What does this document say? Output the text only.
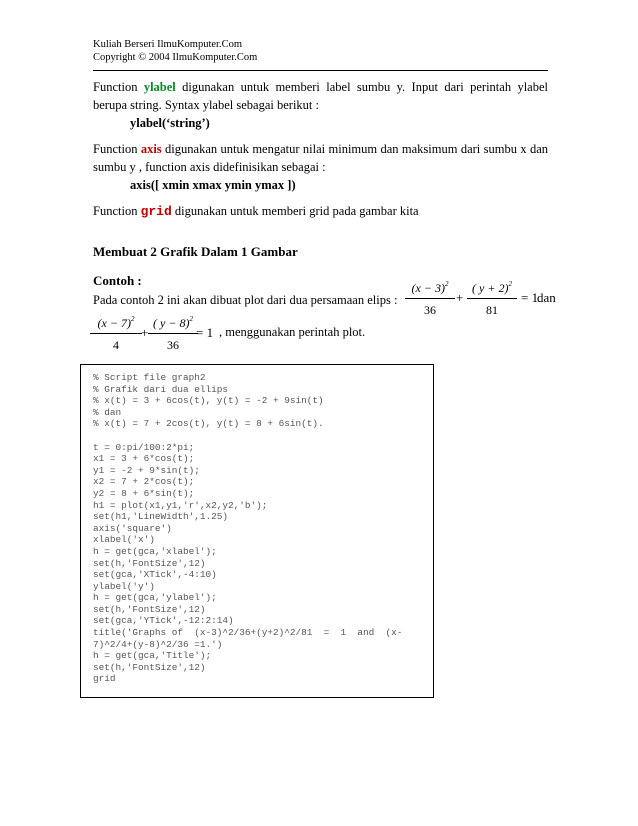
Kuliah Berseri IlmuKomputer.Com
Copyright © 2004 IlmuKomputer.Com
Function ylabel digunakan untuk memberi label sumbu y. Input dari perintah ylabel berupa string. Syntax ylabel sebagai berikut :
ylabel(‘string’)
Function axis digunakan untuk mengatur nilai minimum dan maksimum dari sumbu x dan sumbu y , function axis didefinisikan sebagai :
axis([ xmin xmax ymin ymax ])
Function grid digunakan untuk memberi grid pada gambar kita
Membuat 2 Grafik Dalam 1 Gambar
Contoh :
Pada contoh 2 ini akan dibuat plot dari dua persamaan elips : $\frac{(x - 3)^2}{36} + \frac{( y + 2)^2}{81} = 1$
dan
$\frac{(x - 7)^2}{4} + \frac{( y - 8)^2}{36}$
= 1 , menggunakan perintah plot.
% Script file graph2
% Grafik dari dua ellips
% x(t) = 3 + 6cos(t), y(t) = -2 + 9sin(t)
% dan
% x(t) = 7 + 2cos(t), y(t) = 8 + 6sin(t).
t = 0:pi/100:2*pi;
x1 = 3 + 6*cos(t);
y1 = -2 + 9*sin(t);
x2 = 7 + 2*cos(t);
y2 = 8 + 6*sin(t);
h1 = plot(x1,y1,'r',x2,y2,'b');
set(h1,'LineWidth',1.25)
axis('square')
xlabel('x')
h = get(gca,'xlabel');
set(h,'FontSize',12)
set(gca,'XTick',-4:10)
ylabel('y')
h = get(gca,'ylabel');
set(h,'FontSize',12)
set(gca,'YTick',-12:2:14)
title('Graphs of  (x-3)^2/36+(y+2)^2/81  =  1  and  (x-
7)^2/4+(y-8)^2/36 =1.')
h = get(gca,'Title');
set(h,'FontSize',12)
grid
